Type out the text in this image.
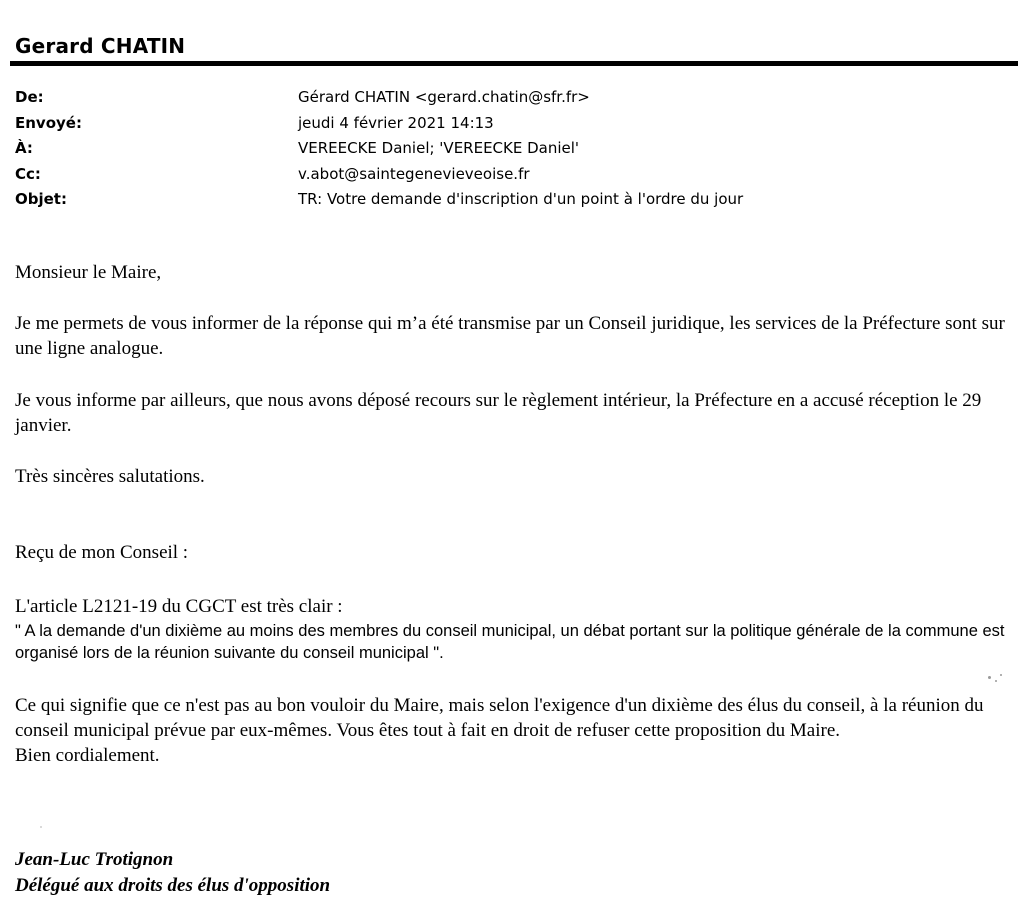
Gerard CHATIN
De:	Gérard CHATIN <gerard.chatin@sfr.fr>
Envoyé:	jeudi 4 février 2021 14:13
À:	VEREECKE Daniel; 'VEREECKE Daniel'
Cc:	v.abot@saintegenevieveoise.fr
Objet:	TR: Votre demande d'inscription d'un point à l'ordre du jour

Monsieur le Maire,

Je me permets de vous informer de la réponse qui m’a été transmise par un Conseil juridique, les services de la Préfecture sont sur une ligne analogue.

Je vous informe par ailleurs, que nous avons déposé recours sur le règlement intérieur, la Préfecture en a accusé réception le 29 janvier.

Très sincères salutations.

Reçu de mon Conseil :

L'article L2121-19 du CGCT est très clair :

" A la demande d'un dixième au moins des membres du conseil municipal, un débat portant sur la politique générale de la commune est organisé lors de la réunion suivante du conseil municipal ".

Ce qui signifie que ce n'est pas au bon vouloir du Maire, mais selon l'exigence d'un dixième des élus du conseil, à la réunion du conseil municipal prévue par eux-mêmes. Vous êtes tout à fait en droit de refuser cette proposition du Maire.
Bien cordialement.
Jean-Luc Trotignon
Délégué aux droits des élus d'opposition
